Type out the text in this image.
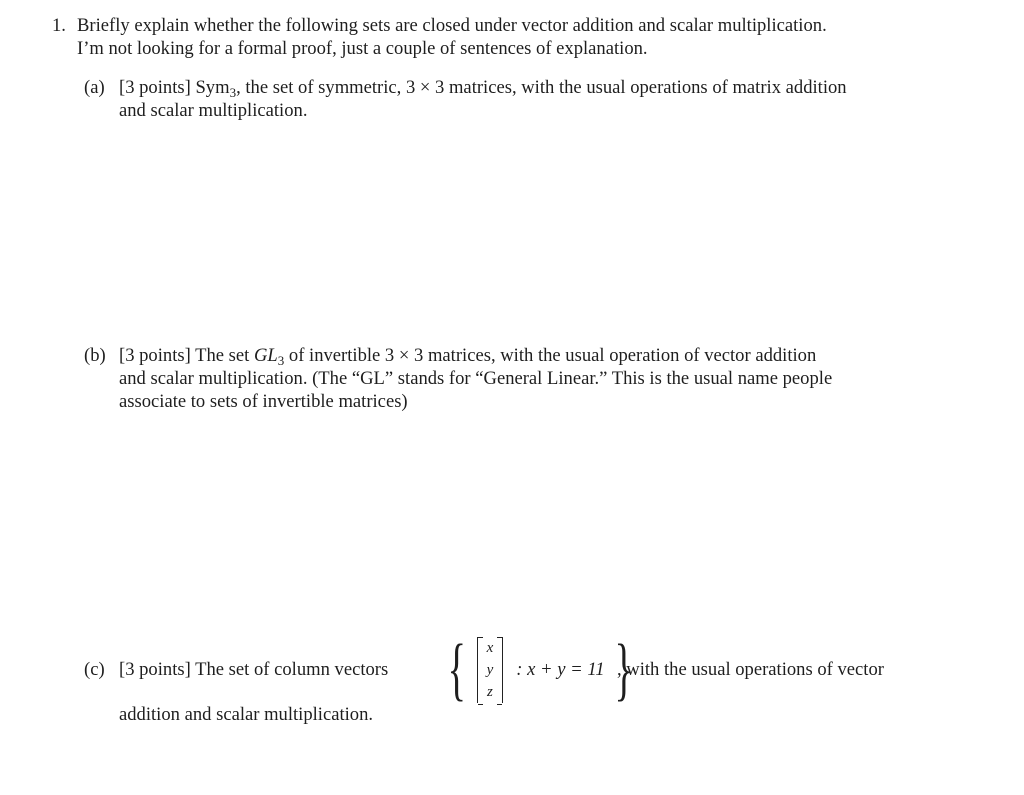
1. Briefly explain whether the following sets are closed under vector addition and scalar multiplication.
I’m not looking for a formal proof, just a couple of sentences of explanation.
(a) [3 points] Sym$_3$, the set of symmetric, 3 × 3 matrices, with the usual operations of matrix addition
and scalar multiplication.
(b) [3 points] The set $GL_3$ of invertible 3 × 3 matrices, with the usual operation of vector addition
and scalar multiplication. (The “GL” stands for “General Linear.” This is the usual name people
associate to sets of invertible matrices)
(c) [3 points] The set of column vectors { x
y
z
: x + y = 11 }
, with the usual operations of vector
addition and scalar multiplication.
